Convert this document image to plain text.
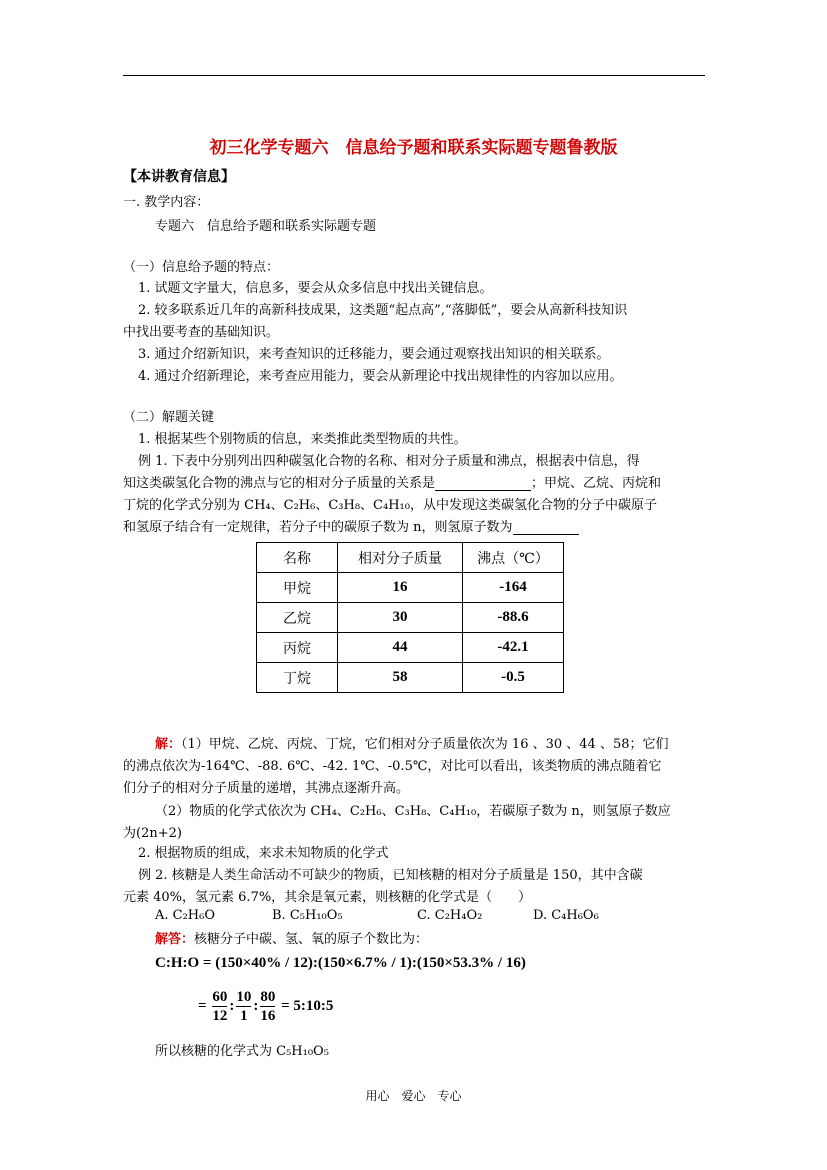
初三化学专题六　信息给予题和联系实际题专题鲁教版
【本讲教育信息】
一. 教学内容：
专题六　信息给予题和联系实际题专题
（一）信息给予题的特点：
1. 试题文字量大，信息多，要会从众多信息中找出关键信息。
2. 较多联系近几年的高新科技成果，这类题“起点高”,“落脚低”，要会从高新科技知识
中找出要考查的基础知识。
3. 通过介绍新知识，来考查知识的迁移能力，要会通过观察找出知识的相关联系。
4. 通过介绍新理论，来考查应用能力，要会从新理论中找出规律性的内容加以应用。
（二）解题关键
1. 根据某些个别物质的信息，来类推此类型物质的共性。
例 1. 下表中分别列出四种碳氢化合物的名称、相对分子质量和沸点，根据表中信息，得
知这类碳氢化合物的沸点与它的相对分子质量的关系是	；甲烷、乙烷、丙烷和
丁烷的化学式分别为 CH₄、C₂H₆、C₃H₈、C₄H₁₀，从中发现这类碳氢化合物的分子中碳原子
和氢原子结合有一定规律，若分子中的碳原子数为 n，则氢原子数为
名称	相对分子质量	沸点（℃）
甲烷	16	-164
乙烷	30	-88.6
丙烷	44	-42.1
丁烷	58	-0.5
解：（1）甲烷、乙烷、丙烷、丁烷，它们相对分子质量依次为 16 、30 、44 、58；它们
的沸点依次为-164℃、-88. 6℃、-42. 1℃、-0.5℃，对比可以看出，该类物质的沸点随着它
们分子的相对分子质量的递增，其沸点逐渐升高。
（2）物质的化学式依次为 CH₄、C₂H₆、C₃H₈、C₄H₁₀，若碳原子数为 n，则氢原子数应
为(2n+2)
2. 根据物质的组成，来求未知物质的化学式
例 2. 核糖是人类生命活动不可缺少的物质，已知核糖的相对分子质量是 150，其中含碳
元素 40%，氢元素 6.7%，其余是氧元素，则核糖的化学式是（　　）
A. C₂H₆O	B. C₅H₁₀O₅	C. C₂H₄O₂	D. C₄H₆O₆
解答：核糖分子中碳、氢、氧的原子个数比为：
C:H:O = (150×40% / 12):(150×6.7% / 1):(150×53.3% / 16)
= $\frac{60}{12}$ : $\frac{10}{1}$ : $\frac{80}{16}$ = 5:10:5
所以核糖的化学式为 C₅H₁₀O₅
用心　爱心　专心
